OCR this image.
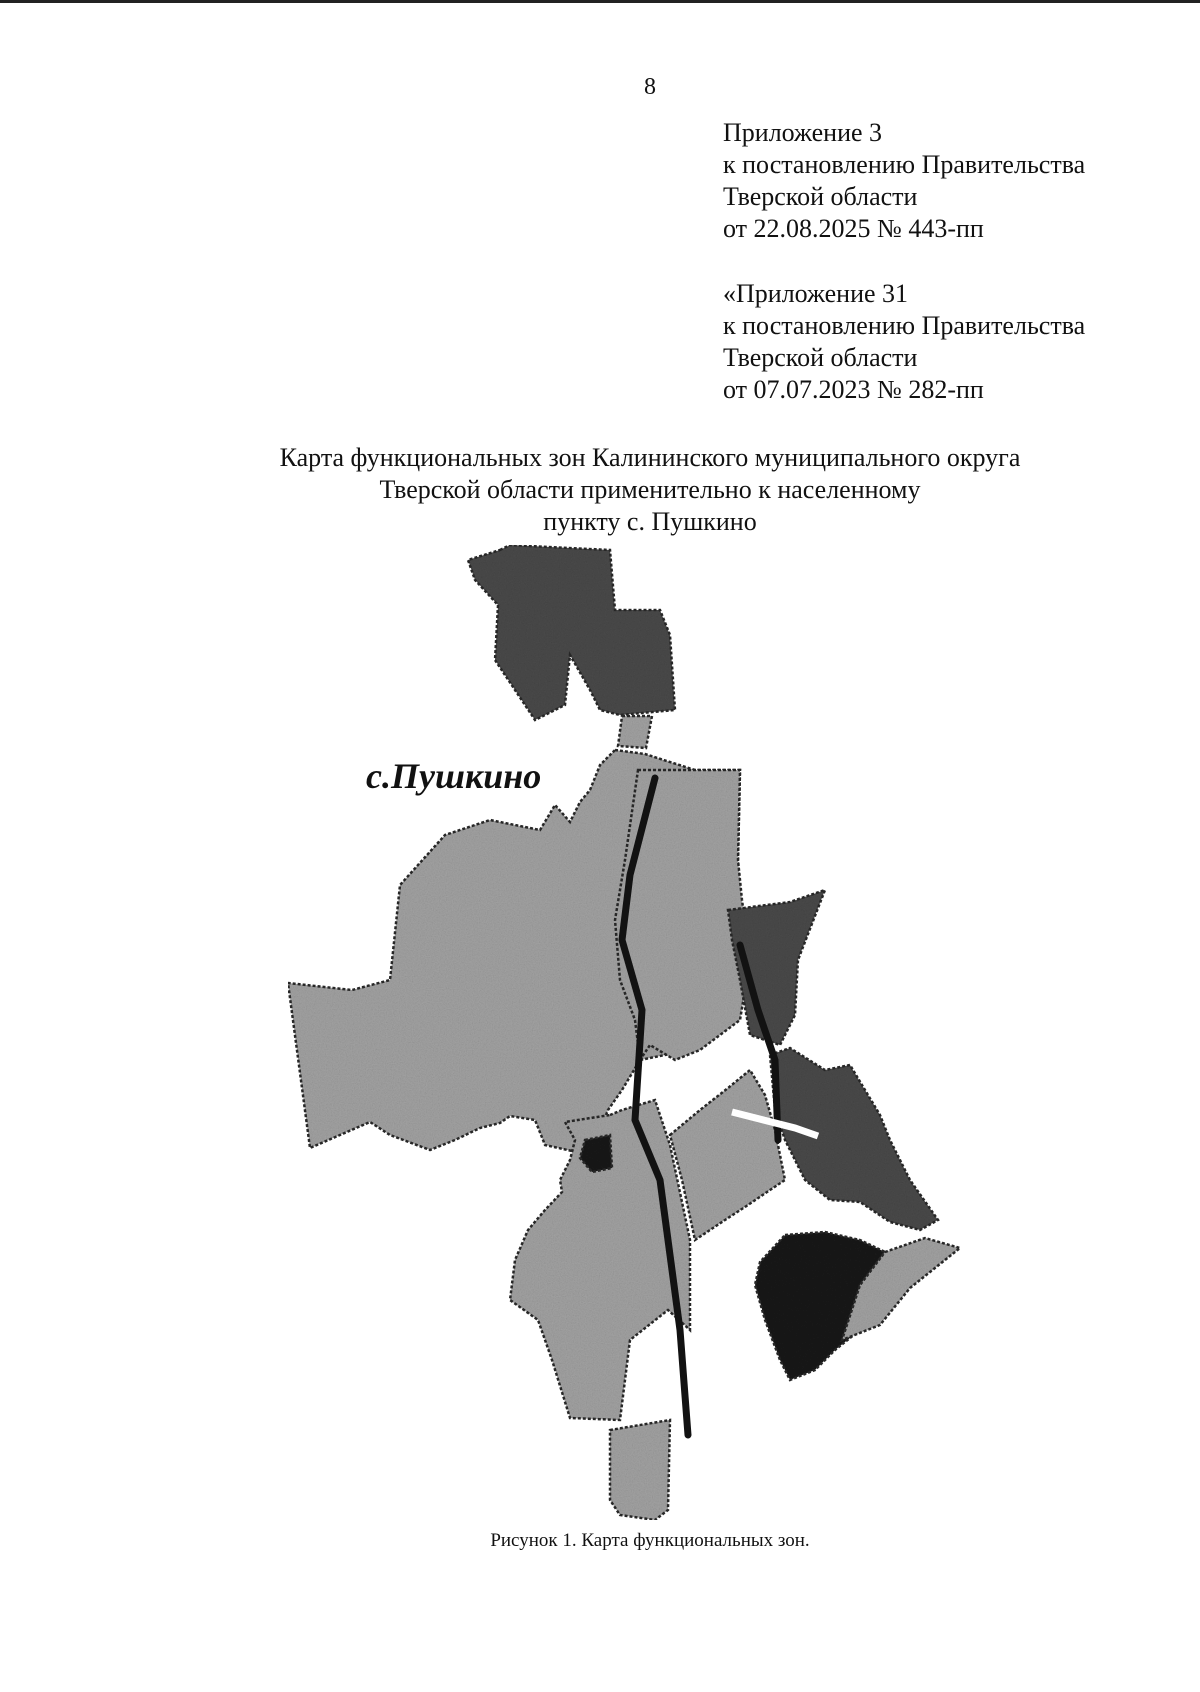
8
Приложение 3
к постановлению Правительства
Тверской области
от 22.08.2025 № 443-пп
«Приложение 31
к постановлению Правительства
Тверской области
от 07.07.2023 № 282-пп
Карта функциональных зон Калининского муниципального округа
Тверской области применительно к населенному
пункту с. Пушкино
с.Пушкино
Рисунок 1. Карта функциональных зон.
